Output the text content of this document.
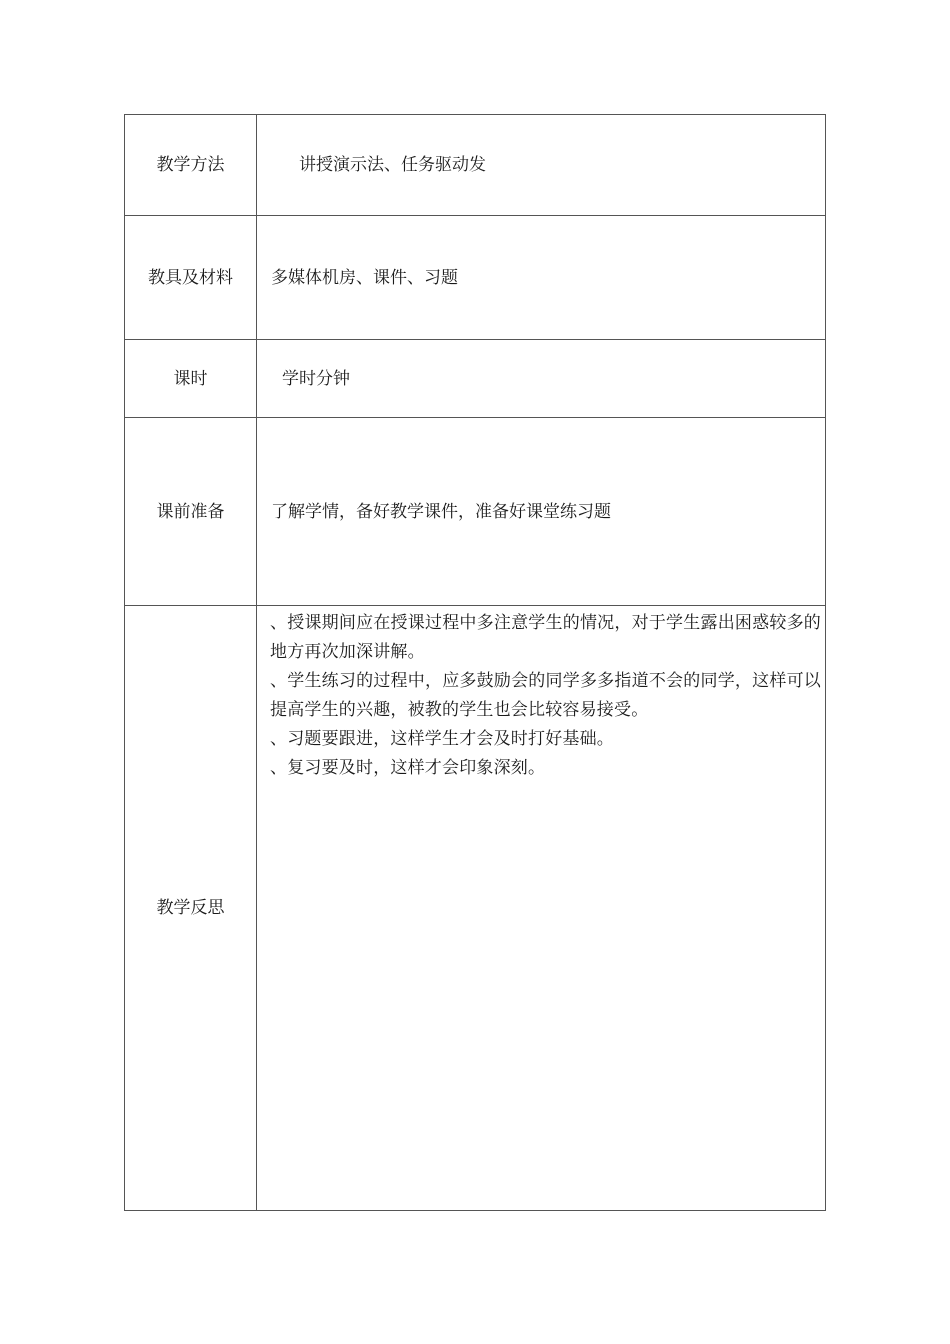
教学方法	讲授演示法、任务驱动发
教具及材料	多媒体机房、课件、习题
课时	学时分钟
课前准备	了解学情，备好教学课件，准备好课堂练习题
教学反思	、授课期间应在授课过程中多注意学生的情况，对于学生露出困惑较多的地方再次加深讲解。

、学生练习的过程中，应多鼓励会的同学多多指道不会的同学，这样可以提高学生的兴趣，被教的学生也会比较容易接受。

、习题要跟进，这样学生才会及时打好基础。

、复习要及时，这样才会印象深刻。
